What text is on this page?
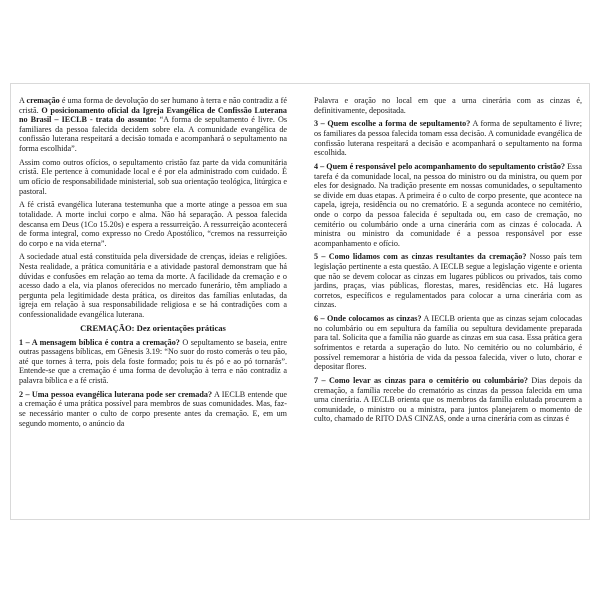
A cremação é uma forma de devolução do ser humano à terra e não contradiz a fé cristã. O posicionamento oficial da Igreja Evangélica de Confissão Luterana no Brasil – IECLB - trata do assunto: “A forma de sepultamento é livre. Os familiares da pessoa falecida decidem sobre ela. A comunidade evangélica de confissão luterana respeitará a decisão tomada e acompanhará o sepultamento na forma escolhida”.

Assim como outros ofícios, o sepultamento cristão faz parte da vida comunitária cristã. Ele pertence à comunidade local e é por ela administrado com cuidado. É um ofício de responsabilidade ministerial, sob sua orientação teológica, litúrgica e pastoral.

A fé cristã evangélica luterana testemunha que a morte atinge a pessoa em sua totalidade. A morte inclui corpo e alma. Não há separação. A pessoa falecida descansa em Deus (1Co 15.20s) e espera a ressurreição. A ressurreição acontecerá de forma integral, como expresso no Credo Apostólico, “cremos na ressurreição do corpo e na vida eterna”.

A sociedade atual está constituída pela diversidade de crenças, ideias e religiões. Nesta realidade, a prática comunitária e a atividade pastoral demonstram que há dúvidas e confusões em relação ao tema da morte. A facilidade da cremação e o acesso dado a ela, via planos oferecidos no mercado funerário, têm ampliado a pergunta pela legitimidade desta prática, os direitos das famílias enlutadas, da igreja em relação à sua responsabilidade religiosa e se há contradições com a confessionalidade evangélica luterana.

CREMAÇÃO: Dez orientações práticas

1 – A mensagem bíblica é contra a cremação? O sepultamento se baseia, entre outras passagens bíblicas, em Gênesis 3.19: “No suor do rosto comerás o teu pão, até que tornes à terra, pois dela foste formado; pois tu és pó e ao pó tornarás”. Entende-se que a cremação é uma forma de devolução à terra e não contradiz a palavra bíblica e a fé cristã.

2 – Uma pessoa evangélica luterana pode ser cremada? A IECLB entende que a cremação é uma prática possível para membros de suas comunidades. Mas, faz-se necessário manter o culto de corpo presente antes da cremação. E, em um segundo momento, o anúncio da

Palavra e oração no local em que a urna cinerária com as cinzas é, definitivamente, depositada.

3 – Quem escolhe a forma de sepultamento? A forma de sepultamento é livre; os familiares da pessoa falecida tomam essa decisão. A comunidade evangélica de confissão luterana respeitará a decisão e acompanhará o sepultamento na forma escolhida.

4 – Quem é responsável pelo acompanhamento do sepultamento cristão? Essa tarefa é da comunidade local, na pessoa do ministro ou da ministra, ou quem por eles for designado. Na tradição presente em nossas comunidades, o sepultamento se divide em duas etapas. A primeira é o culto de corpo presente, que acontece na capela, igreja, residência ou no crematório. E a segunda acontece no cemitério, onde o corpo da pessoa falecida é sepultada ou, em caso de cremação, no cemitério ou columbário onde a urna cinerária com as cinzas é colocada. A ministra ou ministro da comunidade é a pessoa responsável por esse acompanhamento e ofício.

5 – Como lidamos com as cinzas resultantes da cremação? Nosso país tem legislação pertinente a esta questão. A IECLB segue a legislação vigente e orienta que não se devem colocar as cinzas em lugares públicos ou privados, tais como jardins, praças, vias públicas, florestas, mares, residências etc. Há lugares corretos, específicos e regulamentados para colocar a urna cinerária com as cinzas.

6 – Onde colocamos as cinzas? A IECLB orienta que as cinzas sejam colocadas no columbário ou em sepultura da família ou sepultura devidamente preparada para tal. Solicita que a família não guarde as cinzas em sua casa. Essa prática gera sofrimentos e retarda a superação do luto. No cemitério ou no columbário, é possível rememorar a história de vida da pessoa falecida, viver o luto, chorar e depositar flores.

7 – Como levar as cinzas para o cemitério ou columbário? Dias depois da cremação, a família recebe do crematório as cinzas da pessoa falecida em uma urna cinerária. A IECLB orienta que os membros da família enlutada procurem a comunidade, o ministro ou a ministra, para juntos planejarem o momento de culto, chamado de RITO DAS CINZAS, onde a urna cinerária com as cinzas é
